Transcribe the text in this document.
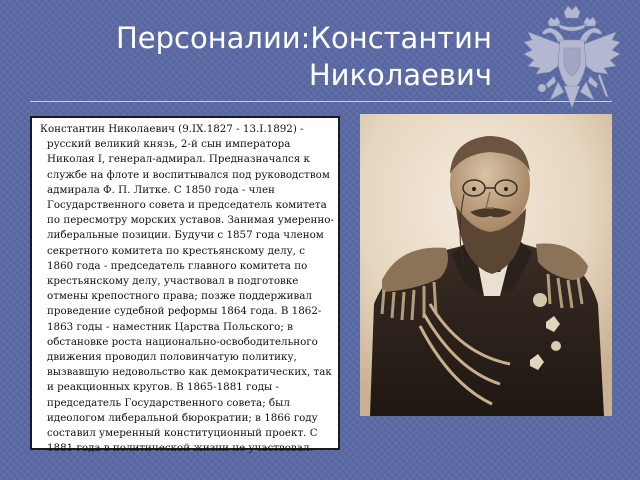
Персоналии:Константин
Николаевич

Константин Николаевич (9.IX.1827 - 13.I.1892) - русский великий князь, 2-й сын императора Николая I, генерал-адмирал. Предназначался к службе на флоте и воспитывался под руководством адмирала Ф. П. Литке. С 1850 года - член Государственного совета и председатель комитета по пересмотру морских уставов. Занимая умеренно-либеральные позиции. Будучи с 1857 года членом секретного комитета по крестьянскому делу, с 1860 года - председатель главного комитета по крестьянскому делу, участвовал в подготовке отмены крепостного права; позже поддерживал проведение судебной реформы 1864 года. В 1862-1863 годы - наместник Царства Польского; в обстановке роста национально-освободительного движения проводил половинчатую политику, вызвавшую недовольство как демократических, так и реакционных кругов. В 1865-1881 годы - председатель Государственного совета; был идеологом либеральной бюрократии; в 1866 году составил умеренный конституционный проект. С 1881 года в политической жизни не участвовал.
